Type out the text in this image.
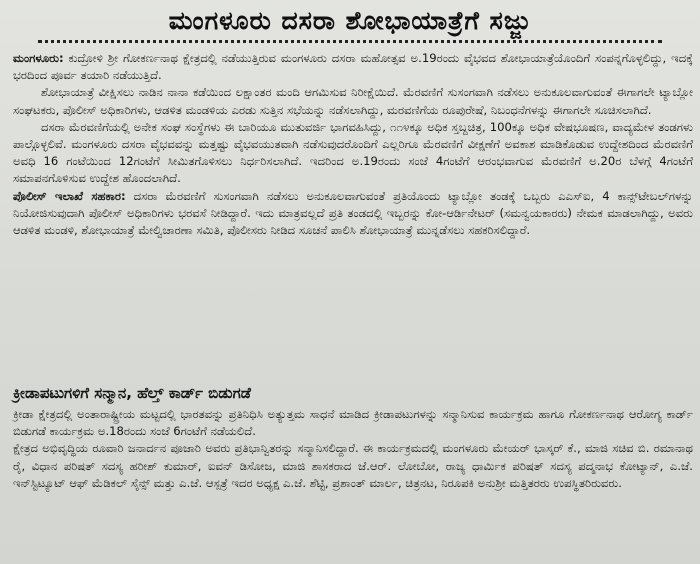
ಮಂಗಳೂರು ದಸರಾ ಶೋಭಾಯಾತ್ರೆಗೆ ಸಜ್ಜು

ಮಂಗಳೂರು: ಕುದ್ರೋಳಿ ಶ್ರೀ ಗೋಕರ್ಣನಾಥ ಕ್ಷೇತ್ರದಲ್ಲಿ ನಡೆಯುತ್ತಿರುವ ಮಂಗಳೂರು ದಸರಾ ಮಹೋತ್ಸವ ಅ.19ರಂದು ವೈಭವದ ಶೋಭಾಯಾತ್ರೆಯೊಂದಿಗೆ ಸಂಪನ್ನಗೊಳ್ಳಲಿದ್ದು, ಇದಕ್ಕೆ ಭರದಿಂದ ಪೂರ್ವ ತಯಾರಿ ನಡೆಯುತ್ತಿದೆ.

ಶೋಭಾಯಾತ್ರೆ ವೀಕ್ಷಿಸಲು ನಾಡಿನ ನಾನಾ ಕಡೆಯಿಂದ ಲಕ್ಷಾಂತರ ಮಂದಿ ಆಗಮಿಸುವ ನಿರೀಕ್ಷೆಯಿದೆ. ಮೆರವಣಿಗೆ ಸುಸಂಗವಾಗಿ ನಡೆಸಲು ಅನುಕೂಲವಾಗುವಂತೆ ಈಗಾಗಲೇ ಟ್ಯಾಬ್ಲೋ ಸಂಘಟಕರು, ಪೊಲೀಸ್ ಅಧಿಕಾರಿಗಳು, ಆಡಳಿತ ಮಂಡಳಿಯ ಎರಡು ಸುತ್ತಿನ ಸಭೆಯನ್ನು ನಡೆಸಲಾಗಿದ್ದು, ಮರವಣಿಗೆಯ ರೂಪುರೇಷೆ, ನಿಬಂಧನೆಗಳನ್ನು ಈಗಾಗಲೇ ಸೂಚಿಸಲಾಗಿದೆ.

ದಸರಾ ಮೆರವಣಿಗೆಯಲ್ಲಿ ಅನೇಕ ಸಂಘ ಸಂಸ್ಥೆಗಳು ಈ ಬಾರಿಯೂ ಮುತುವರ್ಜಿ ಭಾಗವಹಿಸಿದ್ದು, ೧೧೪ಕ್ಕೂ ಅಧಿಕ ಸ್ತಬ್ದಚಿತ್ರ, 100ಕ್ಕೂ ಅಧಿಕ ವೇಷಭೂಷಣ, ವಾದ್ಯಮೇಳ ತಂಡಗಳು ಪಾಲ್ಗೊಳ್ಳಲಿವೆ. ಮಂಗಳೂರು ದಸರಾ ವೈಭವವನ್ನು ಮತ್ತಷ್ಟು ವೈಭವಯುತವಾಗಿ ನಡೆಸುವುದರೊಂದಿಗೆ ಎಲ್ಲರಿಗೂ ಮೆರವಣಿಗೆ ವೀಕ್ಷಣೆಗೆ ಅವಕಾಶ ಮಾಡಿಕೊಡುವ ಉದ್ದೇಶದಿಂದ ಮೆರವಣಿಗೆ ಅವಧಿ 16 ಗಂಟೆಯಿಂದ 12ಗಂಟೆಗೆ ಸೀಮಿತಗೊಳಿಸಲು ನಿರ್ಧರಿಸಲಾಗಿದೆ. ಇದರಿಂದ ಅ.19ರಂದು ಸಂಜೆ 4ಗಂಟೆಗೆ ಆರಂಭವಾಗುವ ಮೆರವಣಿಗೆ ಅ.20ರ ಬೆಳಗ್ಗೆ 4ಗಂಟೆಗೆ ಸಮಾಪನಗೊಳಿಸುವ ಉದ್ದೇಶ ಹೊಂದಲಾಗಿದೆ.

ಪೊಲೀಸ್ ಇಲಾಖೆ ಸಹಕಾರ: ದಸರಾ ಮೆರವಣಿಗೆ ಸುಸಂಗವಾಗಿ ನಡೆಸಲು ಅನುಕೂಲವಾಗುವಂತೆ ಪ್ರತಿಯೊಂದು ಟ್ಯಾಬ್ಲೋ ತಂಡಕ್ಕೆ ಒಬ್ಬರು ಎಎಸ್ಐ, 4 ಕಾನ್ಸ್‌ಟೇಬಲ್‌ಗಳನ್ನು ನಿಯೋಜಿಸುವುದಾಗಿ ಪೊಲೀಸ್ ಅಧಿಕಾರಿಗಳು ಭರವಸೆ ನೀಡಿದ್ದಾರೆ. ಇದು ಮಾತ್ರವಲ್ಲದೆ ಪ್ರತಿ ತಂಡದಲ್ಲಿ ಇಬ್ಬರನ್ನು ಕೋ-ಆರ್ಡಿನೇಟರ್ (ಸಮನ್ವಯಕಾರರು) ನೇಮಕ ಮಾಡಲಾಗಿದ್ದು, ಅವರು ಆಡಳಿತ ಮಂಡಳಿ, ಶೋಭಾಯಾತ್ರೆ ಮೇಲ್ವಿಚಾರಣಾ ಸಮಿತಿ, ಪೊಲೀಸರು ನೀಡಿದ ಸೂಚನೆ ಪಾಲಿಸಿ ಶೋಭಾಯಾತ್ರೆ ಮುನ್ನಡೆಸಲು ಸಹಕರಿಸಲಿದ್ದಾರೆ.

ಕ್ರೀಡಾಪಟುಗಳಿಗೆ ಸನ್ಮಾನ, ಹೆಲ್ತ್ ಕಾರ್ಡ್ ಬಿಡುಗಡೆ

ಕ್ರೀಡಾ ಕ್ಷೇತ್ರದಲ್ಲಿ ಅಂತಾರಾಷ್ಟ್ರೀಯ ಮಟ್ಟದಲ್ಲಿ ಭಾರತವನ್ನು ಪ್ರತಿನಿಧಿಸಿ ಅತ್ಯುತ್ತಮ ಸಾಧನೆ ಮಾಡಿದ ಕ್ರೀಡಾಪಟುಗಳನ್ನು ಸನ್ಮಾನಿಸುವ ಕಾರ್ಯಕ್ರಮ ಹಾಗೂ ಗೋಕರ್ಣನಾಥ ಆರೋಗ್ಯ ಕಾರ್ಡ್ ಬಿಡುಗಡೆ ಕಾರ್ಯಕ್ರಮ ಅ.18ರಂದು ಸಂಜೆ 6ಗಂಟೆಗೆ ನಡೆಯಲಿದೆ.

ಕ್ಷೇತ್ರದ ಅಭಿವೃದ್ಧಿಯ ರೂವಾರಿ ಜನಾರ್ದನ ಪೂಜಾರಿ ಅವರು ಪ್ರತಿಭಾನ್ವಿತರನ್ನು ಸನ್ಮಾನಿಸಲಿದ್ದಾರೆ. ಈ ಕಾರ್ಯಕ್ರಮದಲ್ಲಿ ಮಂಗಳೂರು ಮೇಯರ್ ಭಾಸ್ಕರ್ ಕೆ., ಮಾಜಿ ಸಚಿವ ಬಿ. ರಮಾನಾಥ ರೈ, ವಿಧಾನ ಪರಿಷತ್ ಸದಸ್ಯ ಹರೀಶ್ ಕುಮಾರ್, ಐವನ್ ಡಿಸೋಜ, ಮಾಜಿ ಶಾಸಕರಾದ ಜೆ.ಆರ್. ಲೋಬೋ, ರಾಜ್ಯ ಧಾರ್ಮಿಕ ಪರಿಷತ್ ಸದಸ್ಯ ಪದ್ಮನಾಭ ಕೋಟ್ಯಾನ್, ಎ.ಜೆ. ಇನ್‌ಸ್ಟಿಟ್ಯೂಟ್ ಆಫ್ ಮೆಡಿಕಲ್ ಸೈನ್ಸ್ ಮತ್ತು ಎ.ಜೆ. ಆಸ್ಪತ್ರೆ ಇದರ ಅಧ್ಯಕ್ಷ ಎ.ಜೆ. ಶೆಟ್ಟಿ, ಪ್ರಶಾಂತ್ ಮಾರ್ಲ, ಚಿತ್ರನಟ, ನಿರೂಪಕಿ ಅನುಶ್ರೀ ಮತ್ತಿತರರು ಉಪಸ್ಥಿತರಿರುವರು.
